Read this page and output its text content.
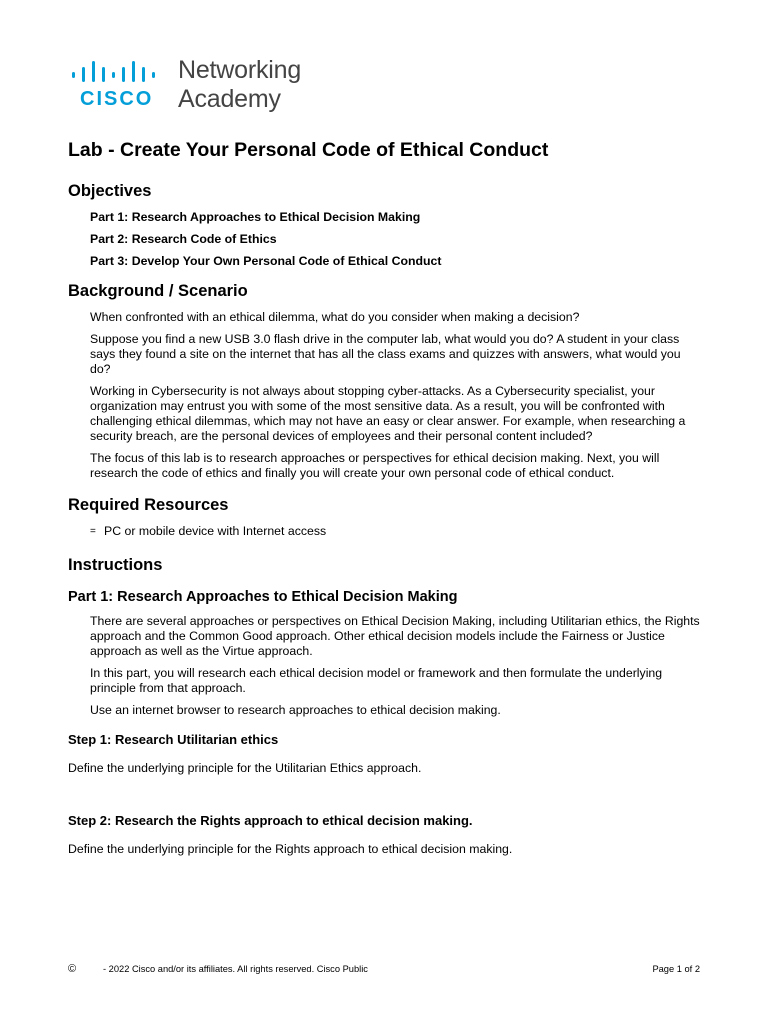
CISCO
Networking
Academy
Lab - Create Your Personal Code of Ethical Conduct
Objectives
Part 1: Research Approaches to Ethical Decision Making
Part 2: Research Code of Ethics
Part 3: Develop Your Own Personal Code of Ethical Conduct
Background / Scenario
When confronted with an ethical dilemma, what do you consider when making a decision?
Suppose you find a new USB 3.0 flash drive in the computer lab, what would you do? A student in your class says they found a site on the internet that has all the class exams and quizzes with answers, what would you do?
Working in Cybersecurity is not always about stopping cyber-attacks. As a Cybersecurity specialist, your organization may entrust you with some of the most sensitive data. As a result, you will be confronted with challenging ethical dilemmas, which may not have an easy or clear answer. For example, when researching a security breach, are the personal devices of employees and their personal content included?
The focus of this lab is to research approaches or perspectives for ethical decision making. Next, you will research the code of ethics and finally you will create your own personal code of ethical conduct.
Required Resources
= PC or mobile device with Internet access
Instructions
Part 1: Research Approaches to Ethical Decision Making
There are several approaches or perspectives on Ethical Decision Making, including Utilitarian ethics, the Rights approach and the Common Good approach. Other ethical decision models include the Fairness or Justice approach as well as the Virtue approach.
In this part, you will research each ethical decision model or framework and then formulate the underlying principle from that approach.
Use an internet browser to research approaches to ethical decision making.
Step 1: Research Utilitarian ethics
Define the underlying principle for the Utilitarian Ethics approach.
Step 2: Research the Rights approach to ethical decision making.
Define the underlying principle for the Rights approach to ethical decision making.
©	- 2022 Cisco and/or its affiliates. All rights reserved. Cisco Public	Page 1 of 2
